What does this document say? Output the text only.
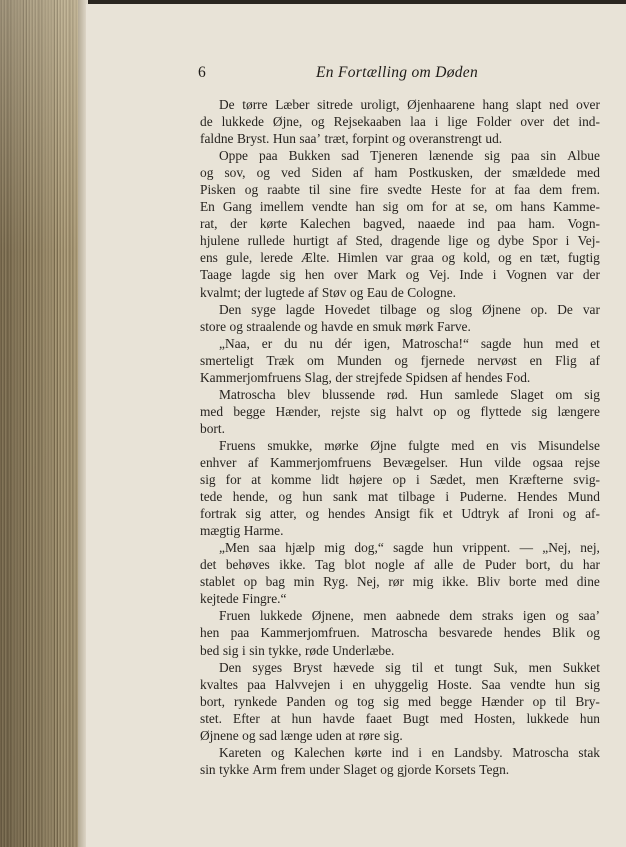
6	En Fortælling om Døden
De tørre Læber sitrede uroligt, Øjenhaarene hang slapt ned over
de lukkede Øjne, og Rejsekaaben laa i lige Folder over det ind-
faldne Bryst. Hun saa’ træt, forpint og overanstrengt ud.
Oppe paa Bukken sad Tjeneren lænende sig paa sin Albue
og sov, og ved Siden af ham Postkusken, der smældede med
Pisken og raabte til sine fire svedte Heste for at faa dem frem.
En Gang imellem vendte han sig om for at se, om hans Kamme-
rat, der kørte Kalechen bagved, naaede ind paa ham. Vogn-
hjulene rullede hurtigt af Sted, dragende lige og dybe Spor i Vej-
ens gule, lerede Ælte. Himlen var graa og kold, og en tæt, fugtig
Taage lagde sig hen over Mark og Vej. Inde i Vognen var der
kvalmt; der lugtede af Støv og Eau de Cologne.
Den syge lagde Hovedet tilbage og slog Øjnene op. De var
store og straalende og havde en smuk mørk Farve.
„Naa, er du nu dér igen, Matroscha!“ sagde hun med et
smerteligt Træk om Munden og fjernede nervøst en Flig af
Kammerjomfruens Slag, der strejfede Spidsen af hendes Fod.
Matroscha blev blussende rød. Hun samlede Slaget om sig
med begge Hænder, rejste sig halvt op og flyttede sig længere
bort.
Fruens smukke, mørke Øjne fulgte med en vis Misundelse
enhver af Kammerjomfruens Bevægelser. Hun vilde ogsaa rejse
sig for at komme lidt højere op i Sædet, men Kræfterne svig-
tede hende, og hun sank mat tilbage i Puderne. Hendes Mund
fortrak sig atter, og hendes Ansigt fik et Udtryk af Ironi og af-
mægtig Harme.
„Men saa hjælp mig dog,“ sagde hun vrippent. — „Nej, nej,
det behøves ikke. Tag blot nogle af alle de Puder bort, du har
stablet op bag min Ryg. Nej, rør mig ikke. Bliv borte med dine
kejtede Fingre.“
Fruen lukkede Øjnene, men aabnede dem straks igen og saa’
hen paa Kammerjomfruen. Matroscha besvarede hendes Blik og
bed sig i sin tykke, røde Underlæbe.
Den syges Bryst hævede sig til et tungt Suk, men Sukket
kvaltes paa Halvvejen i en uhyggelig Hoste. Saa vendte hun sig
bort, rynkede Panden og tog sig med begge Hænder op til Bry-
stet. Efter at hun havde faaet Bugt med Hosten, lukkede hun
Øjnene og sad længe uden at røre sig.
Kareten og Kalechen kørte ind i en Landsby. Matroscha stak
sin tykke Arm frem under Slaget og gjorde Korsets Tegn.
